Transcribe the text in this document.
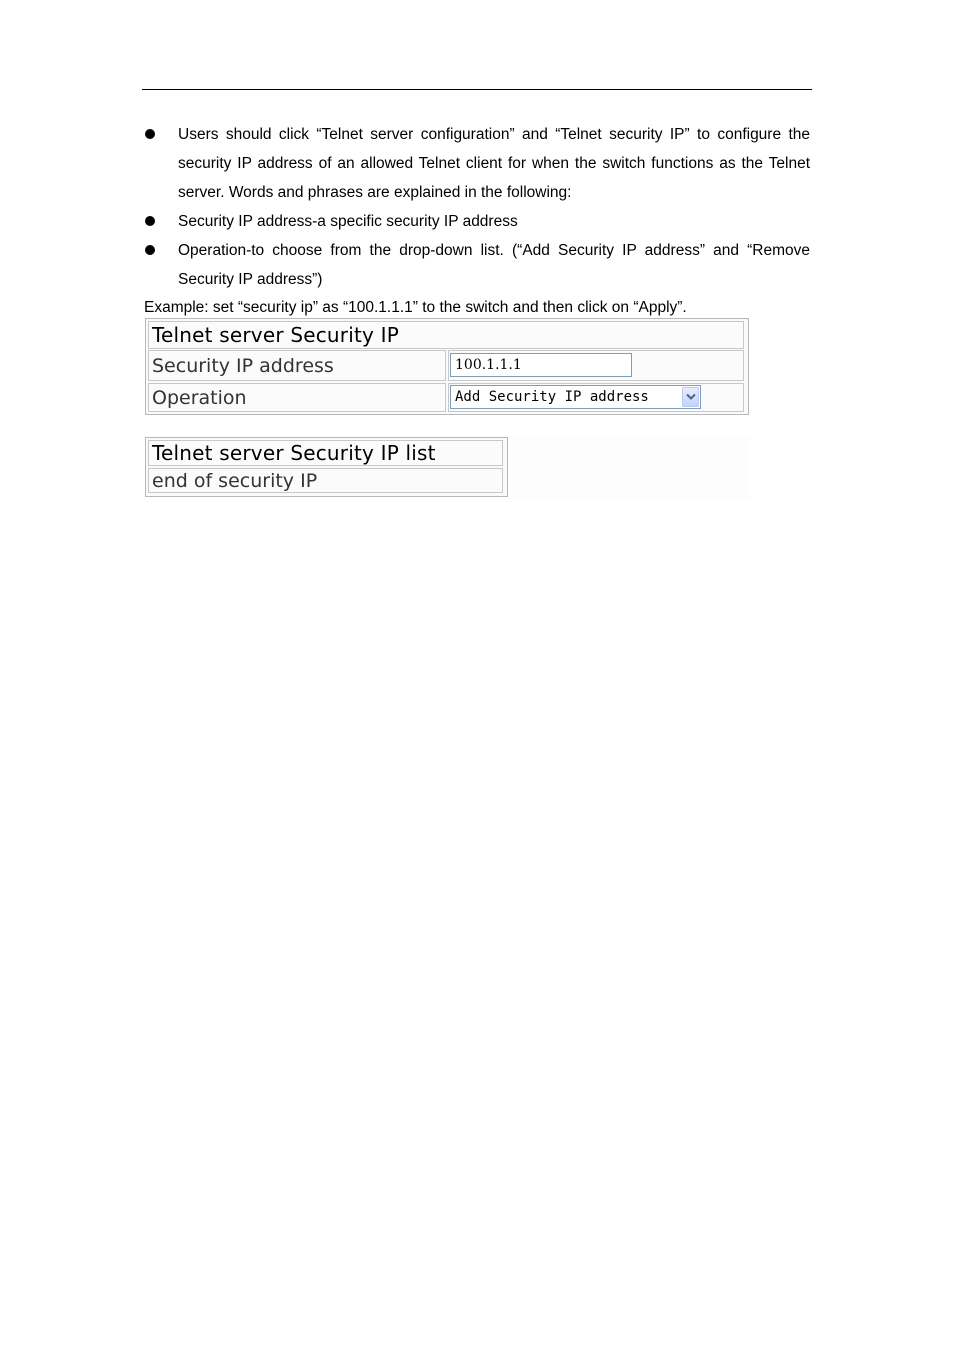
Users should click “Telnet server configuration” and “Telnet security IP” to configure the security IP address of an allowed Telnet client for when the switch functions as the Telnet server. Words and phrases are explained in the following:
Security IP address-a specific security IP address
Operation-to choose from the drop-down list. (“Add Security IP address” and “Remove Security IP address”)
Example: set “security ip” as “100.1.1.1” to the switch and then click on “Apply”.
Telnet server Security IP
Security IP address
Operation
100.1.1.1	Add Security IP address
Telnet server Security IP list
end of security IP
